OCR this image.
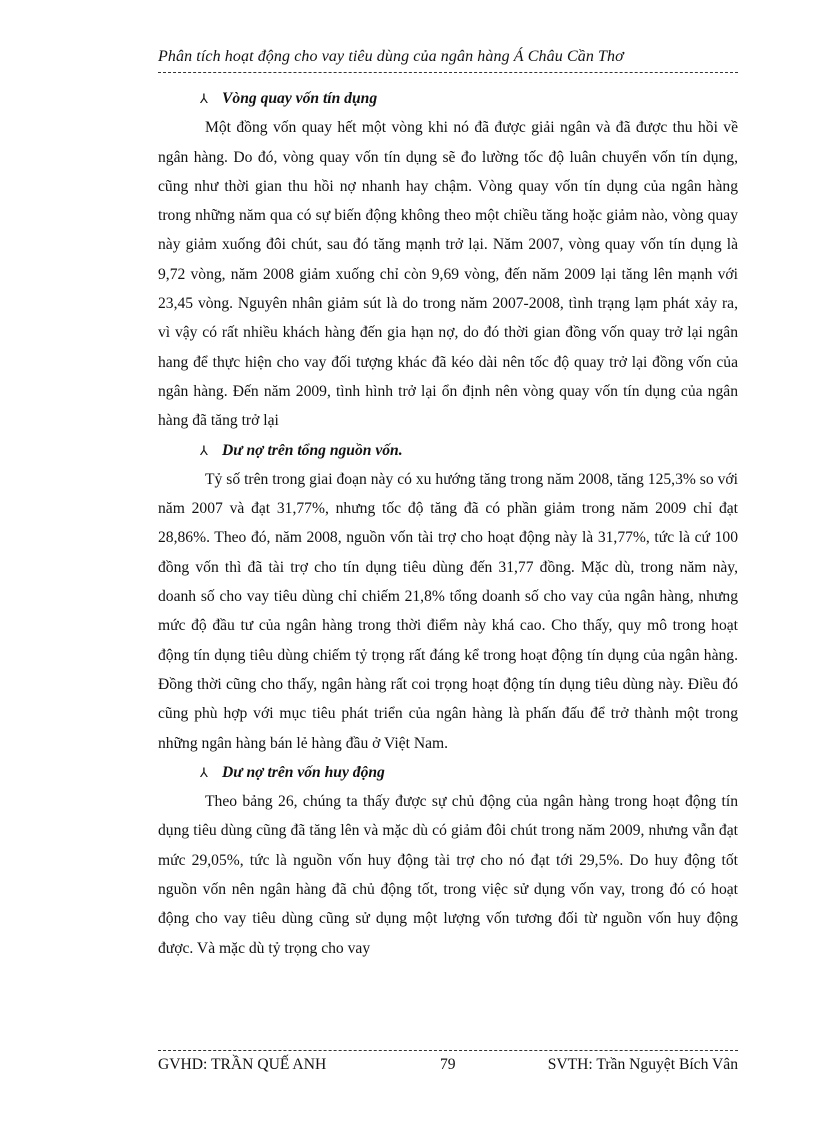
Phân tích hoạt động cho vay tiêu dùng của ngân hàng Á Châu Cần Thơ

⅄ Vòng quay vốn tín dụng

Một đồng vốn quay hết một vòng khi nó đã được giải ngân và đã được thu hồi về ngân hàng. Do đó, vòng quay vốn tín dụng sẽ đo lường tốc độ luân chuyển vốn tín dụng, cũng như thời gian thu hồi nợ nhanh hay chậm. Vòng quay vốn tín dụng của ngân hàng trong những năm qua có sự biến động không theo một chiều tăng hoặc giảm nào, vòng quay này giảm xuống đôi chút, sau đó tăng mạnh trở lại. Năm 2007, vòng quay vốn tín dụng là 9,72 vòng, năm 2008 giảm xuống chỉ còn 9,69 vòng, đến năm 2009 lại tăng lên mạnh với 23,45 vòng. Nguyên nhân giảm sút là do trong năm 2007-2008, tình trạng lạm phát xảy ra, vì vậy có rất nhiều khách hàng đến gia hạn nợ, do đó thời gian đồng vốn quay trở lại ngân hang để thực hiện cho vay đối tượng khác đã kéo dài nên tốc độ quay trở lại đồng vốn của ngân hàng. Đến năm 2009, tình hình trở lại ổn định nên vòng quay vốn tín dụng của ngân hàng đã tăng trở lại

⅄ Dư nợ trên tổng nguồn vốn.

Tỷ số trên trong giai đoạn này có xu hướng tăng trong năm 2008, tăng 125,3% so với năm 2007 và đạt 31,77%, nhưng tốc độ tăng đã có phần giảm trong năm 2009 chỉ đạt 28,86%. Theo đó, năm 2008, nguồn vốn tài trợ cho hoạt động này là 31,77%, tức là cứ 100 đồng vốn thì đã tài trợ cho tín dụng tiêu dùng đến 31,77 đồng. Mặc dù, trong năm này, doanh số cho vay tiêu dùng chỉ chiếm 21,8% tổng doanh số cho vay của ngân hàng, nhưng mức độ đầu tư của ngân hàng trong thời điểm này khá cao. Cho thấy, quy mô trong hoạt động tín dụng tiêu dùng chiếm tỷ trọng rất đáng kể trong hoạt động tín dụng của ngân hàng. Đồng thời cũng cho thấy, ngân hàng rất coi trọng hoạt động tín dụng tiêu dùng này. Điều đó cũng phù hợp với mục tiêu phát triển của ngân hàng là phấn đấu để trở thành một trong những ngân hàng bán lẻ hàng đầu ở Việt Nam.

⅄ Dư nợ trên vốn huy động

Theo bảng 26, chúng ta thấy được sự chủ động của ngân hàng trong hoạt động tín dụng tiêu dùng cũng đã tăng lên và mặc dù có giảm đôi chút trong năm 2009, nhưng vẫn đạt mức 29,05%, tức là nguồn vốn huy động tài trợ cho nó đạt tới 29,5%. Do huy động tốt nguồn vốn nên ngân hàng đã chủ động tốt, trong việc sử dụng vốn vay, trong đó có hoạt động cho vay tiêu dùng cũng sử dụng một lượng vốn tương đối từ nguồn vốn huy động được. Và mặc dù tỷ trọng cho vay

GVHD: TRẦN QUẾ ANH	79	SVTH: Trần Nguyệt Bích Vân
